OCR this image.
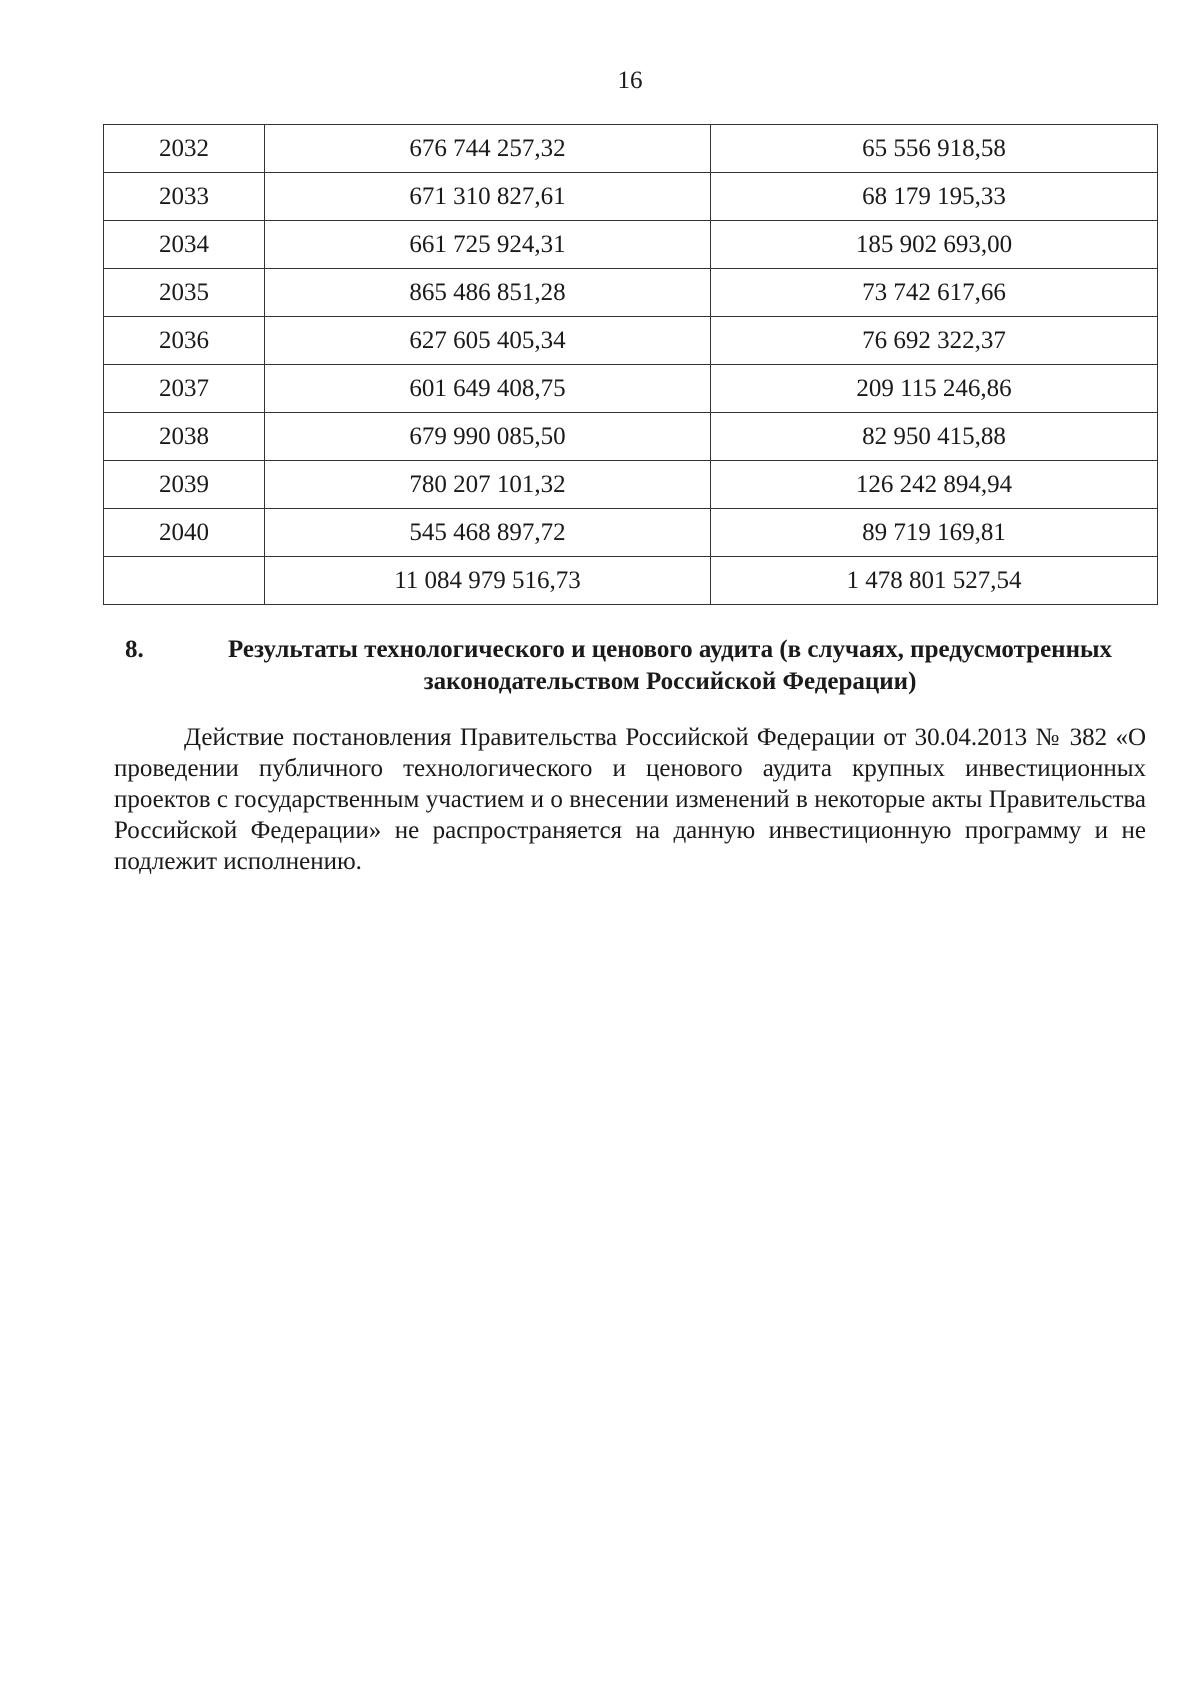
16
2032	676 744 257,32	65 556 918,58
2033	671 310 827,61	68 179 195,33
2034	661 725 924,31	185 902 693,00
2035	865 486 851,28	73 742 617,66
2036	627 605 405,34	76 692 322,37
2037	601 649 408,75	209 115 246,86
2038	679 990 085,50	82 950 415,88
2039	780 207 101,32	126 242 894,94
2040	545 468 897,72	89 719 169,81
	11 084 979 516,73	1 478 801 527,54
8.	Результаты технологического и ценового аудита (в случаях, предусмотренных законодательством Российской Федерации)

Действие постановления Правительства Российской Федерации от 30.04.2013 № 382 «О проведении публичного технологического и ценового аудита крупных инвестиционных проектов с государственным участием и о внесении изменений в некоторые акты Правительства Российской Федерации» не распространяется на данную инвестиционную программу и не подлежит исполнению.
